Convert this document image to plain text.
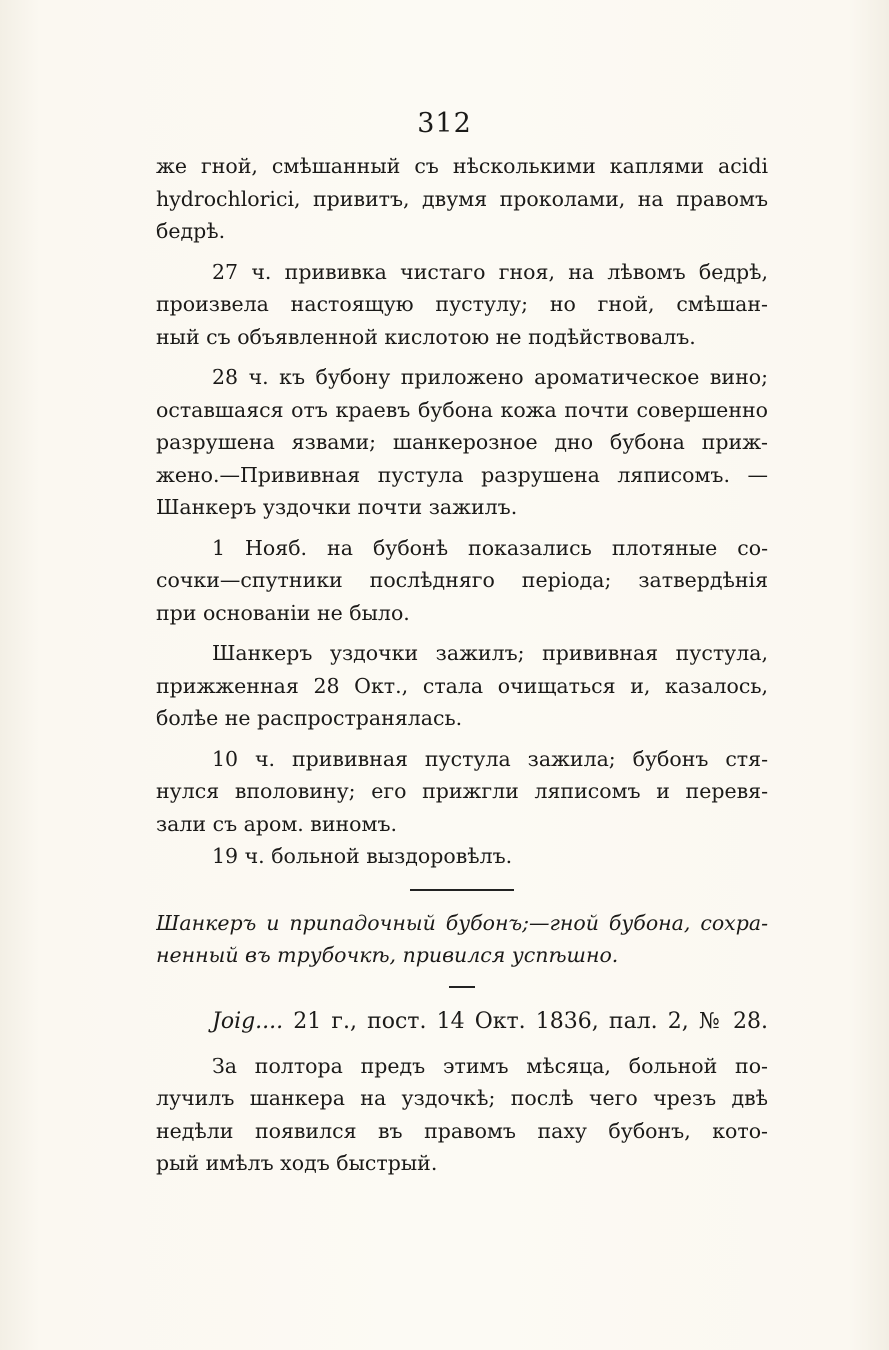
312
же гной, смѣшанный съ нѣсколькими каплями acidi
hydrochlorici, привитъ, двумя проколами, на правомъ
бедрѣ.
27 ч. прививка чистаго гноя, на лѣвомъ бедрѣ,
произвела настоящую пустулу; но гной, смѣшан-
ный съ объявленной кислотою не подѣйствовалъ.
28 ч. къ бубону приложено ароматическое вино;
оставшаяся отъ краевъ бубона кожа почти совершенно
разрушена язвами; шанкерозное дно бубона приж-
жено.—Прививная пустула разрушена ляписомъ. —
Шанкеръ уздочки почти зажилъ.
1 Нояб. на бубонѣ показались плотяные со-
сочки—спутники послѣдняго періода; затвердѣнія
при основаніи не было.
Шанкеръ уздочки зажилъ; прививная пустула,
прижженная 28 Окт., стала очищаться и, казалось,
болѣе не распространялась.
10 ч. прививная пустула зажила; бубонъ стя-
нулся вполовину; его прижгли ляписомъ и перевя-
зали съ аром. виномъ.
19 ч. больной выздоровѣлъ.
Шанкеръ и припадочный бубонъ;—гной бубона, сохра-
ненный въ трубочкѣ, привился успѣшно.
Joig.... 21 г., пост. 14 Окт. 1836, пал. 2, № 28.
За полтора предъ этимъ мѣсяца, больной по-
лучилъ шанкера на уздочкѣ; послѣ чего чрезъ двѣ
недѣли появился въ правомъ паху бубонъ, кото-
рый имѣлъ ходъ быстрый.
